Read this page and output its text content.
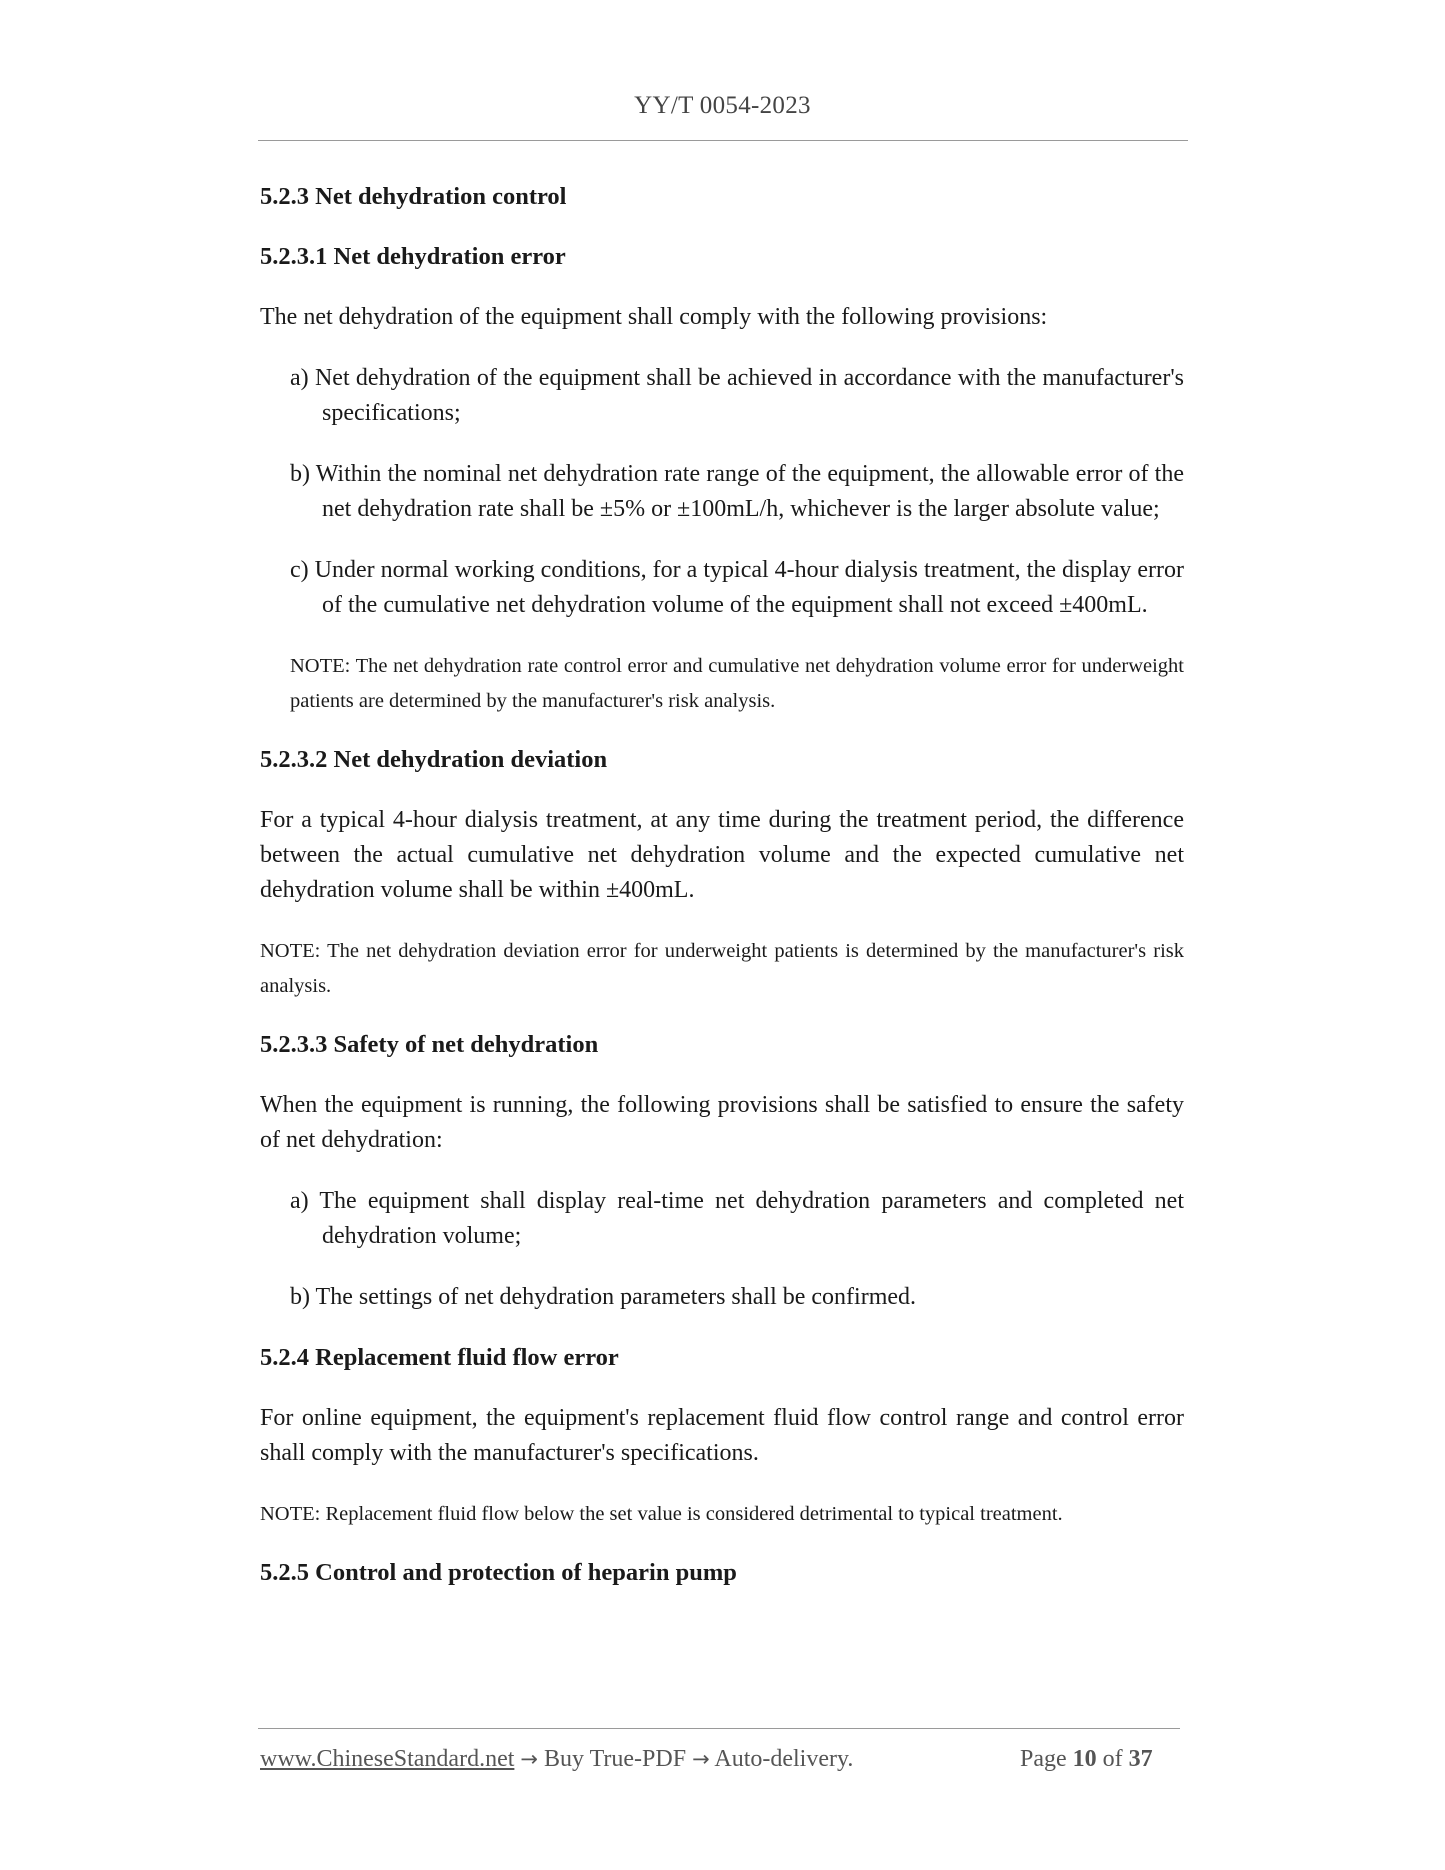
YY/T 0054-2023
5.2.3 Net dehydration control
5.2.3.1 Net dehydration error
The net dehydration of the equipment shall comply with the following provisions:
a) Net dehydration of the equipment shall be achieved in accordance with the manufacturer's specifications;
b) Within the nominal net dehydration rate range of the equipment, the allowable error of the net dehydration rate shall be ±5% or ±100mL/h, whichever is the larger absolute value;
c) Under normal working conditions, for a typical 4-hour dialysis treatment, the display error of the cumulative net dehydration volume of the equipment shall not exceed ±400mL.
NOTE: The net dehydration rate control error and cumulative net dehydration volume error for underweight patients are determined by the manufacturer's risk analysis.
5.2.3.2 Net dehydration deviation
For a typical 4-hour dialysis treatment, at any time during the treatment period, the difference between the actual cumulative net dehydration volume and the expected cumulative net dehydration volume shall be within ±400mL.
NOTE: The net dehydration deviation error for underweight patients is determined by the manufacturer's risk analysis.
5.2.3.3 Safety of net dehydration
When the equipment is running, the following provisions shall be satisfied to ensure the safety of net dehydration:
a) The equipment shall display real-time net dehydration parameters and completed net dehydration volume;
b) The settings of net dehydration parameters shall be confirmed.
5.2.4 Replacement fluid flow error
For online equipment, the equipment's replacement fluid flow control range and control error shall comply with the manufacturer's specifications.
NOTE: Replacement fluid flow below the set value is considered detrimental to typical treatment.
5.2.5 Control and protection of heparin pump
www.ChineseStandard.net → Buy True-PDF → Auto-delivery.	Page 10 of 37
